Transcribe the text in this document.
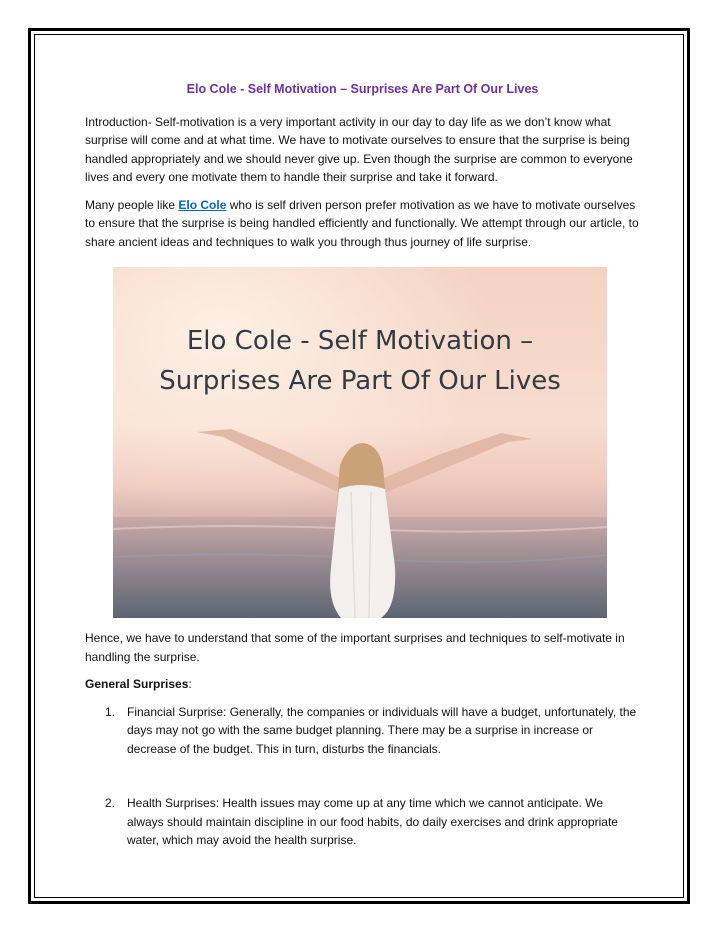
Elo Cole - Self Motivation – Surprises Are Part Of Our Lives

Introduction- Self-motivation is a very important activity in our day to day life as we don’t know what surprise will come and at what time. We have to motivate ourselves to ensure that the surprise is being handled appropriately and we should never give up. Even though the surprise are common to everyone lives and every one motivate them to handle their surprise and take it forward.

Many people like Elo Cole who is self driven person prefer motivation as we have to motivate ourselves to ensure that the surprise is being handled efficiently and functionally. We attempt through our article, to share ancient ideas and techniques to walk you through thus journey of life surprise.

Elo Cole - Self Motivation –
Surprises Are Part Of Our Lives

Hence, we have to understand that some of the important surprises and techniques to self-motivate in handling the surprise.

General Surprises:

1. Financial Surprise: Generally, the companies or individuals will have a budget, unfortunately, the days may not go with the same budget planning. There may be a surprise in increase or decrease of the budget. This in turn, disturbs the financials.
2. Health Surprises: Health issues may come up at any time which we cannot anticipate. We always should maintain discipline in our food habits, do daily exercises and drink appropriate water, which may avoid the health surprise.
